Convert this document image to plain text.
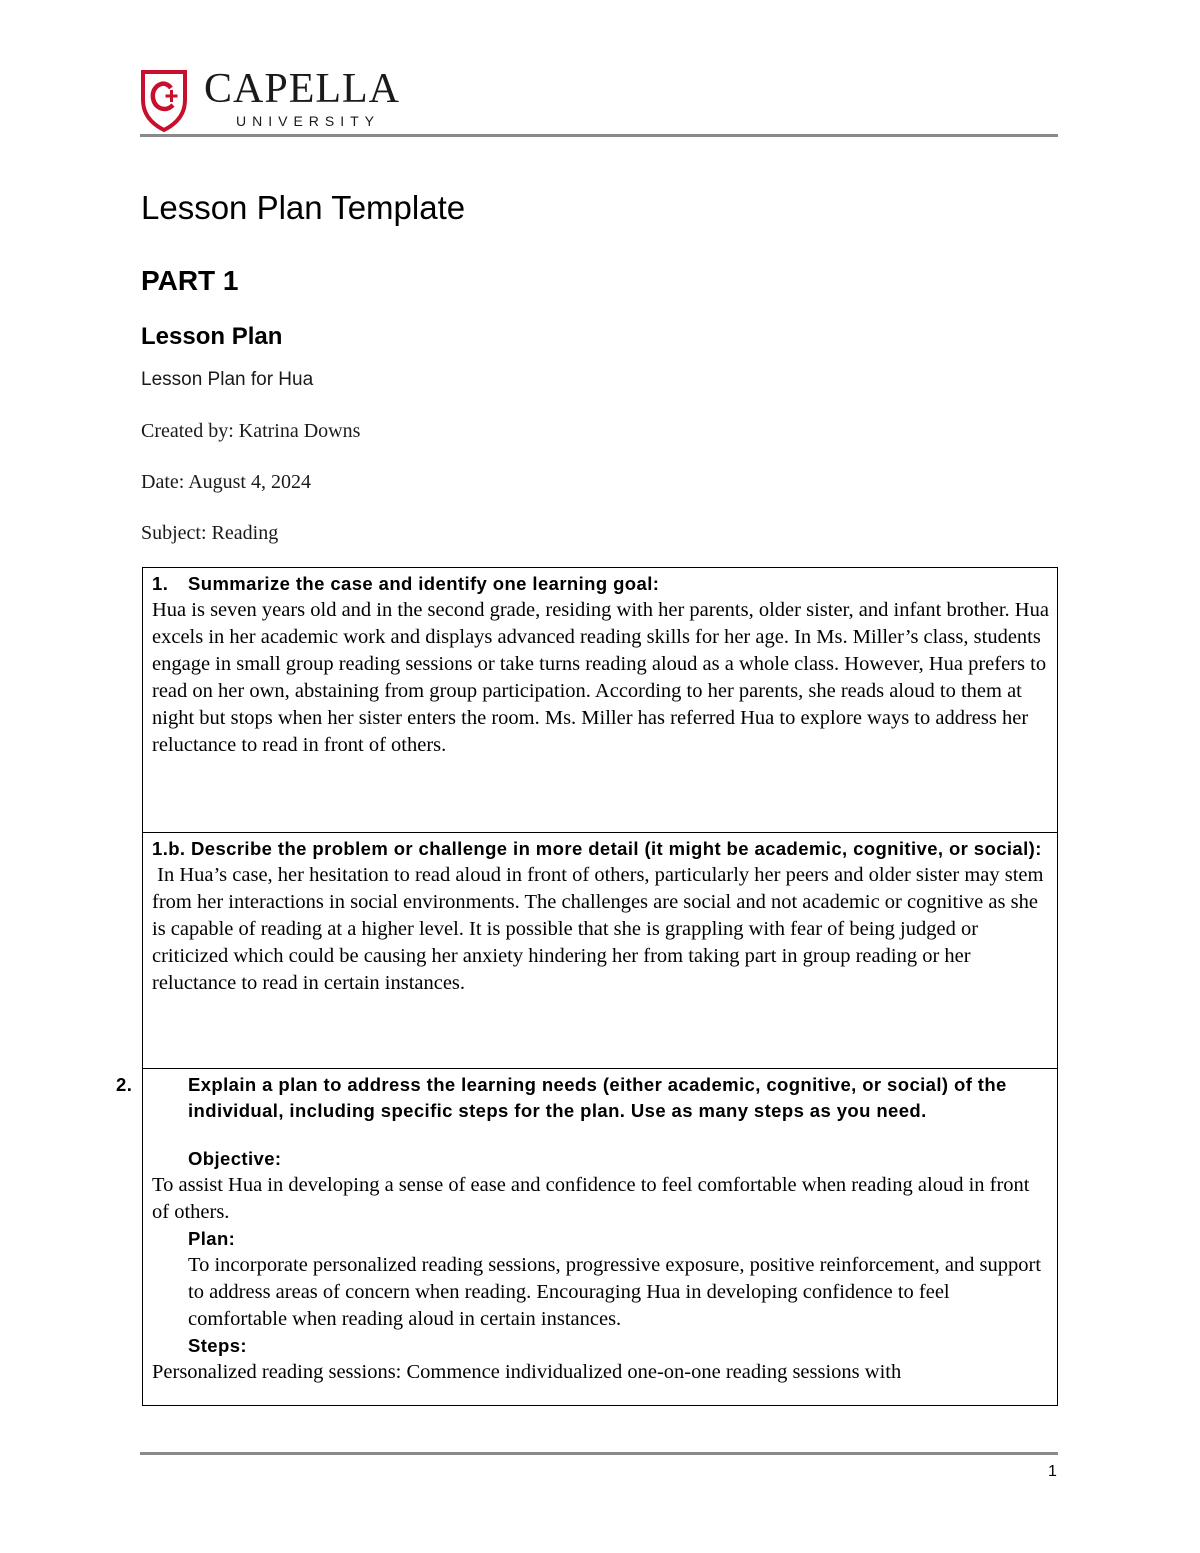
CAPELLA
UNIVERSITY
Lesson Plan Template
PART 1
Lesson Plan
Lesson Plan for Hua
Created by: Katrina Downs
Date: August 4, 2024
Subject: Reading
1. Summarize the case and identify one learning goal:
Hua is seven years old and in the second grade, residing with her parents, older sister, and infant brother. Hua excels in her academic work and displays advanced reading skills for her age. In Ms. Miller’s class, students engage in small group reading sessions or take turns reading aloud as a whole class. However, Hua prefers to read on her own, abstaining from group participation. According to her parents, she reads aloud to them at night but stops when her sister enters the room. Ms. Miller has referred Hua to explore ways to address her reluctance to read in front of others.
1.b. Describe the problem or challenge in more detail (it might be academic, cognitive, or social):
In Hua’s case, her hesitation to read aloud in front of others, particularly her peers and older sister may stem from her interactions in social environments. The challenges are social and not academic or cognitive as she is capable of reading at a higher level. It is possible that she is grappling with fear of being judged or criticized which could be causing her anxiety hindering her from taking part in group reading or her reluctance to read in certain instances.
2.	Explain a plan to address the learning needs (either academic, cognitive, or social) of the individual, including specific steps for the plan. Use as many steps as you need.
Objective:
To assist Hua in developing a sense of ease and confidence to feel comfortable when reading aloud in front of others.
Plan:
To incorporate personalized reading sessions, progressive exposure, positive reinforcement, and support to address areas of concern when reading. Encouraging Hua in developing confidence to feel comfortable when reading aloud in certain instances.
Steps:
Personalized reading sessions: Commence individualized one-on-one reading sessions with
1
